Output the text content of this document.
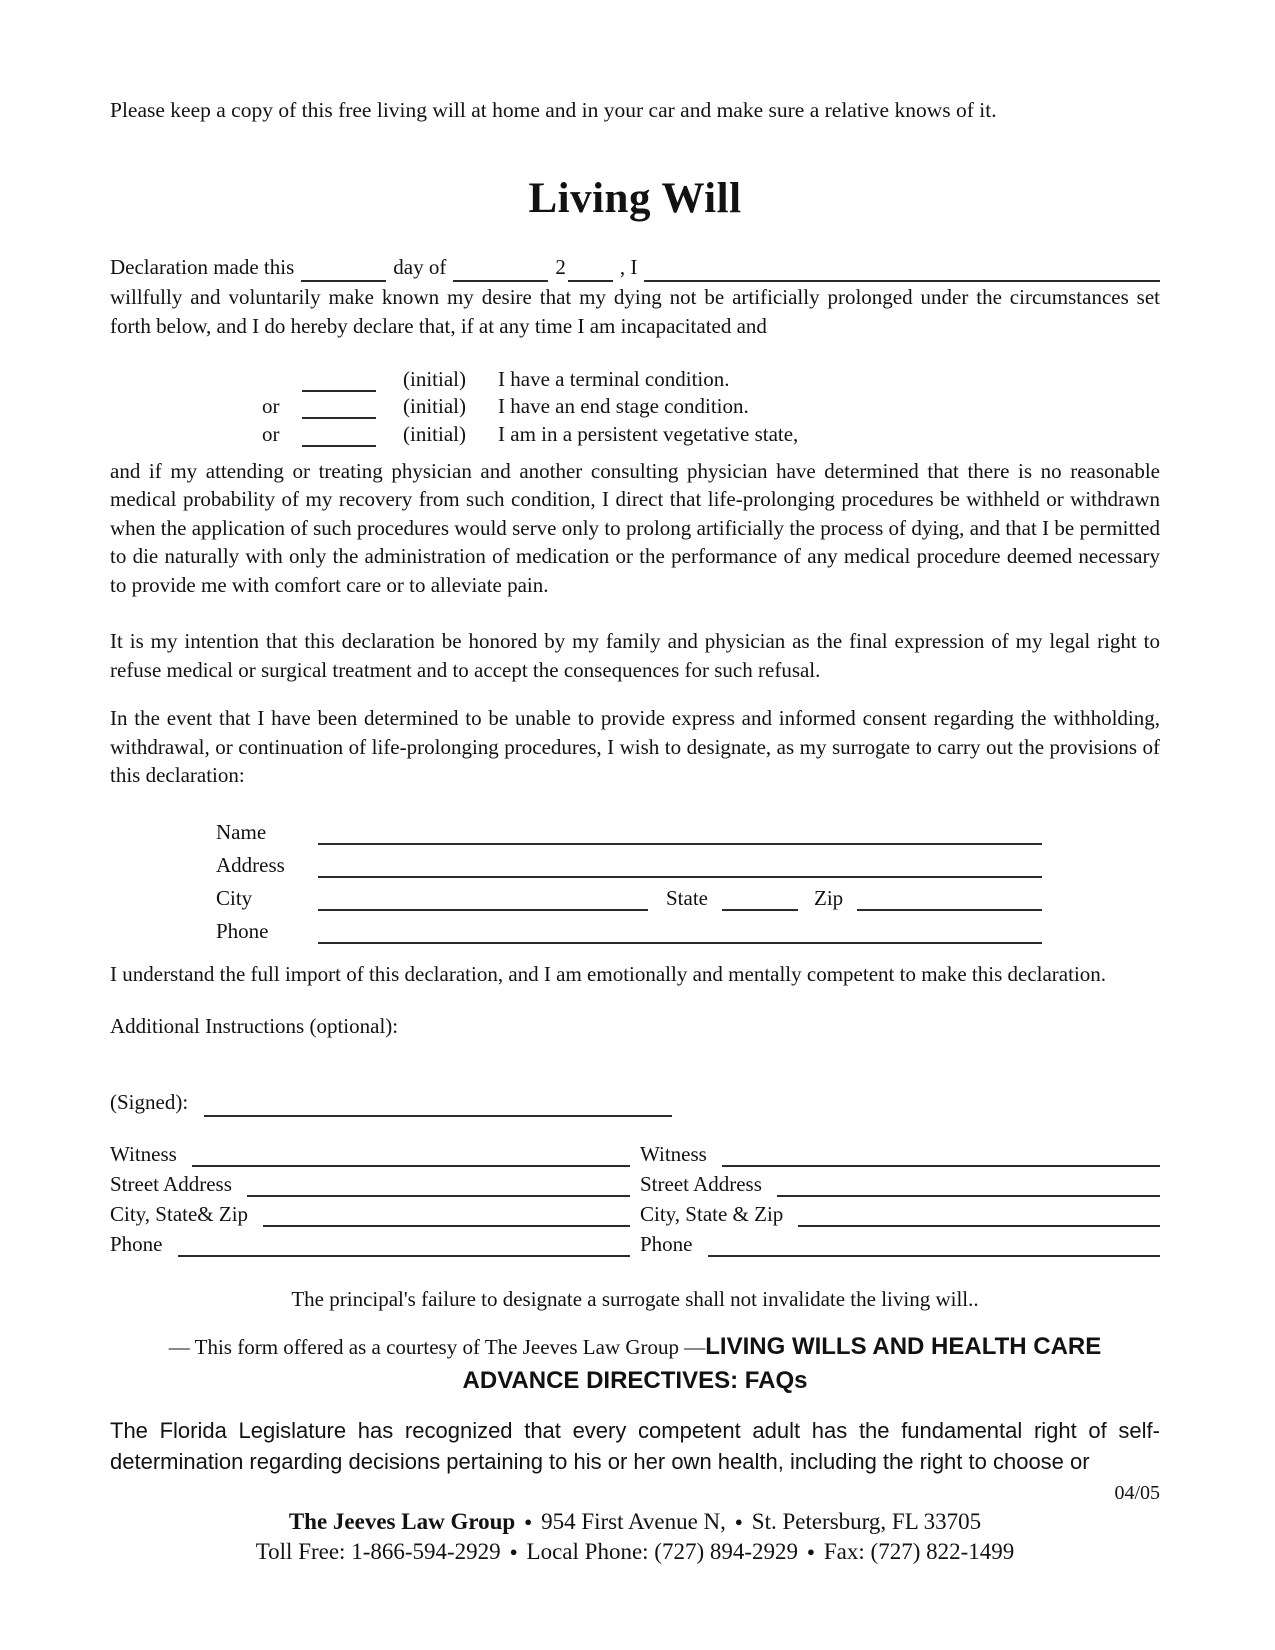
Please keep a copy of this free living will at home and in your car and make sure a relative knows of it.

Living Will
Declaration made this	day of	2	, I

willfully and voluntarily make known my desire that my dying not be artificially prolonged under the circumstances set forth below, and I do hereby declare that, if at any time I am incapacitated and

(initial)	I have a terminal condition.
or	(initial)	I have an end stage condition.
or	(initial)	I am in a persistent vegetative state,

and if my attending or treating physician and another consulting physician have determined that there is no reasonable medical probability of my recovery from such condition, I direct that life-prolonging procedures be withheld or withdrawn when the application of such procedures would serve only to prolong artificially the process of dying, and that I be permitted to die naturally with only the administration of medication or the performance of any medical procedure deemed necessary to provide me with comfort care or to alleviate pain.

It is my intention that this declaration be honored by my family and physician as the final expression of my legal right to refuse medical or surgical treatment and to accept the consequences for such refusal.

In the event that I have been determined to be unable to provide express and informed consent regarding the withholding, withdrawal, or continuation of life-prolonging procedures, I wish to designate, as my surrogate to carry out the provisions of this declaration:

Name
Address
City	State	Zip
Phone

I understand the full import of this declaration, and I am emotionally and mentally competent to make this declaration.

Additional Instructions (optional):

(Signed):
Witness
Street Address
City, State& Zip
Phone
Witness
Street Address
City, State & Zip
Phone

The principal's failure to designate a surrogate shall not invalidate the living will..

— This form offered as a courtesy of The Jeeves Law Group —LIVING WILLS AND HEALTH CARE
ADVANCE DIRECTIVES: FAQs

The Florida Legislature has recognized that every competent adult has the fundamental right of self-determination regarding decisions pertaining to his or her own health, including the right to choose or

04/05

The Jeeves Law Group ● 954 First Avenue N, ● St. Petersburg, FL 33705

Toll Free: 1-866-594-2929 ● Local Phone: (727) 894-2929 ● Fax: (727) 822-1499
